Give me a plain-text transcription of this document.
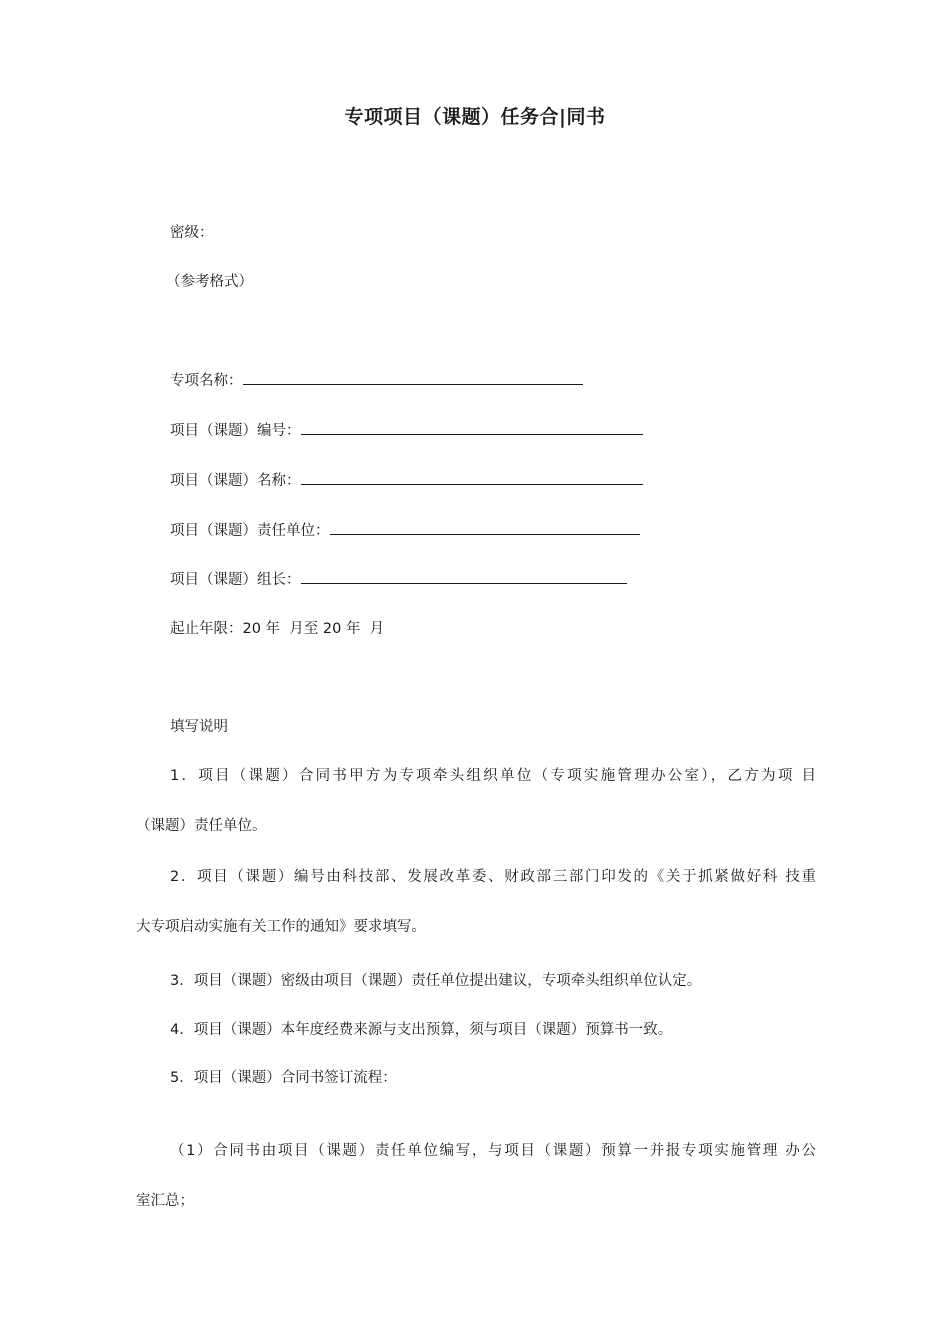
专项项目（课题）任务合|同书
密级：
（参考格式）
专项名称：
项目（课题）编号：
项目（课题）名称：
项目（课题）责任单位：
项目（课题）组长：
起止年限：20 年  月至 20 年  月
填写说明
1．项目（课题）合同书甲方为专项牵头组织单位（专项实施管理办公室），乙方为项 目
（课题）责任单位。
2．项目（课题）编号由科技部、发展改革委、财政部三部门印发的《关于抓紧做好科 技重
大专项启动实施有关工作的通知》要求填写。
3．项目（课题）密级由项目（课题）责任单位提出建议，专项牵头组织单位认定。
4．项目（课题）本年度经费来源与支出预算，须与项目（课题）预算书一致。
5．项目（课题）合同书签订流程：
（1）合同书由项目（课题）责任单位编写，与项目（课题）预算一并报专项实施管理 办公
室汇总；
